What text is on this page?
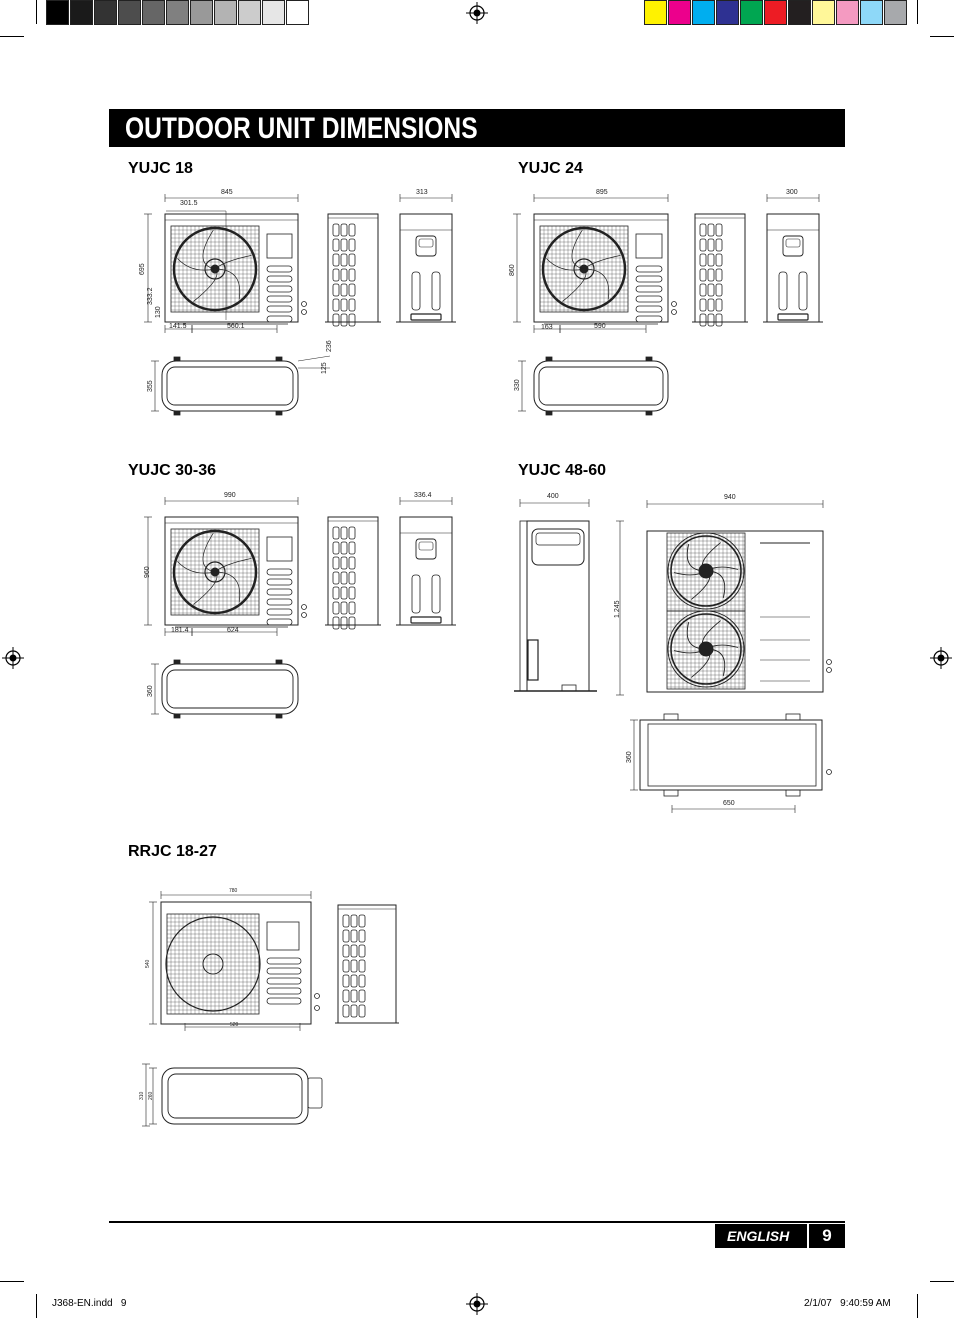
OUTDOOR UNIT DIMENSIONS
YUJC 18	YUJC 24
YUJC 30-36	YUJC 48-60
RRJC 18-27
845	313
301.5
695
333.2
130
141.5	560.1
236
355
125
895	300
860
163	590
330
990	336.4
960
181.4	624
360
400	940
1.245
360
650
780
540
520
310 260
ENGLISH	9
J368-EN.indd   9	2/1/07   9:40:59 AM
